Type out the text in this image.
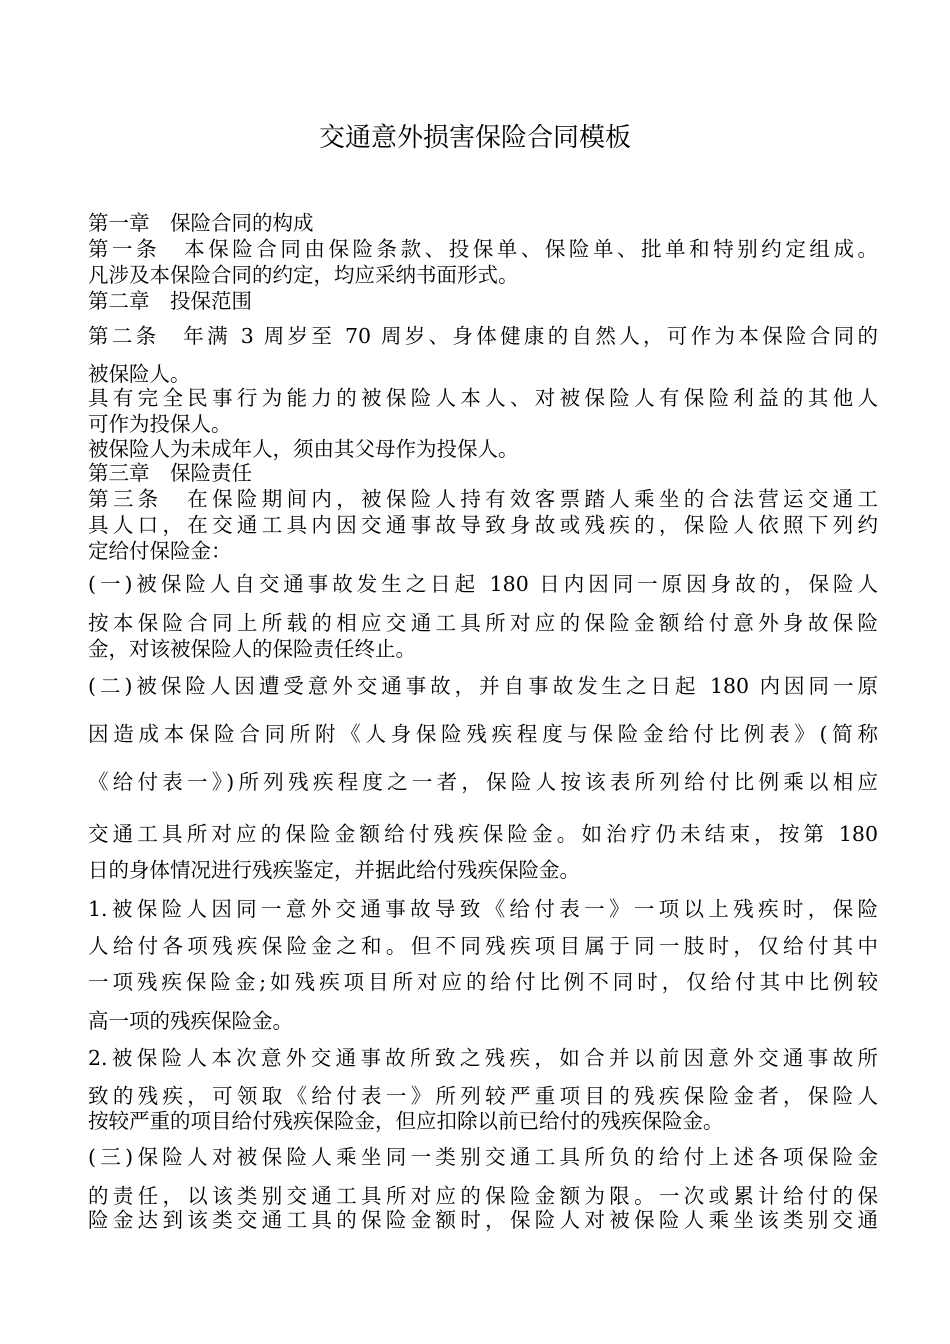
交通意外损害保险合同模板
第一章　保险合同的构成
第一条　本保险合同由保险条款、投保单、保险单、批单和特别约定组成。
凡涉及本保险合同的约定，均应采纳书面形式。
第二章　投保范围
第二条　年满 3 周岁至 70 周岁、身体健康的自然人，可作为本保险合同的
被保险人。
具有完全民事行为能力的被保险人本人、对被保险人有保险利益的其他人
可作为投保人。
被保险人为未成年人，须由其父母作为投保人。
第三章　保险责任
第三条　在保险期间内，被保险人持有效客票踏人乘坐的合法营运交通工
具人口，在交通工具内因交通事故导致身故或残疾的，保险人依照下列约
定给付保险金：
(一)被保险人自交通事故发生之日起 180 日内因同一原因身故的，保险人
按本保险合同上所载的相应交通工具所对应的保险金额给付意外身故保险
金，对该被保险人的保险责任终止。
(二)被保险人因遭受意外交通事故，并自事故发生之日起 180 内因同一原
因造成本保险合同所附《人身保险残疾程度与保险金给付比例表》(简称
《给付表一》)所列残疾程度之一者，保险人按该表所列给付比例乘以相应
交通工具所对应的保险金额给付残疾保险金。如治疗仍未结束，按第 180
日的身体情况进行残疾鉴定，并据此给付残疾保险金。
1.被保险人因同一意外交通事故导致《给付表一》一项以上残疾时，保险
人给付各项残疾保险金之和。但不同残疾项目属于同一肢时，仅给付其中
一项残疾保险金;如残疾项目所对应的给付比例不同时，仅给付其中比例较
高一项的残疾保险金。
2.被保险人本次意外交通事故所致之残疾，如合并以前因意外交通事故所
致的残疾，可领取《给付表一》所列较严重项目的残疾保险金者，保险人
按较严重的项目给付残疾保险金，但应扣除以前已给付的残疾保险金。
(三)保险人对被保险人乘坐同一类别交通工具所负的给付上述各项保险金
的责任，以该类别交通工具所对应的保险金额为限。一次或累计给付的保
险金达到该类交通工具的保险金额时，保险人对被保险人乘坐该类别交通
